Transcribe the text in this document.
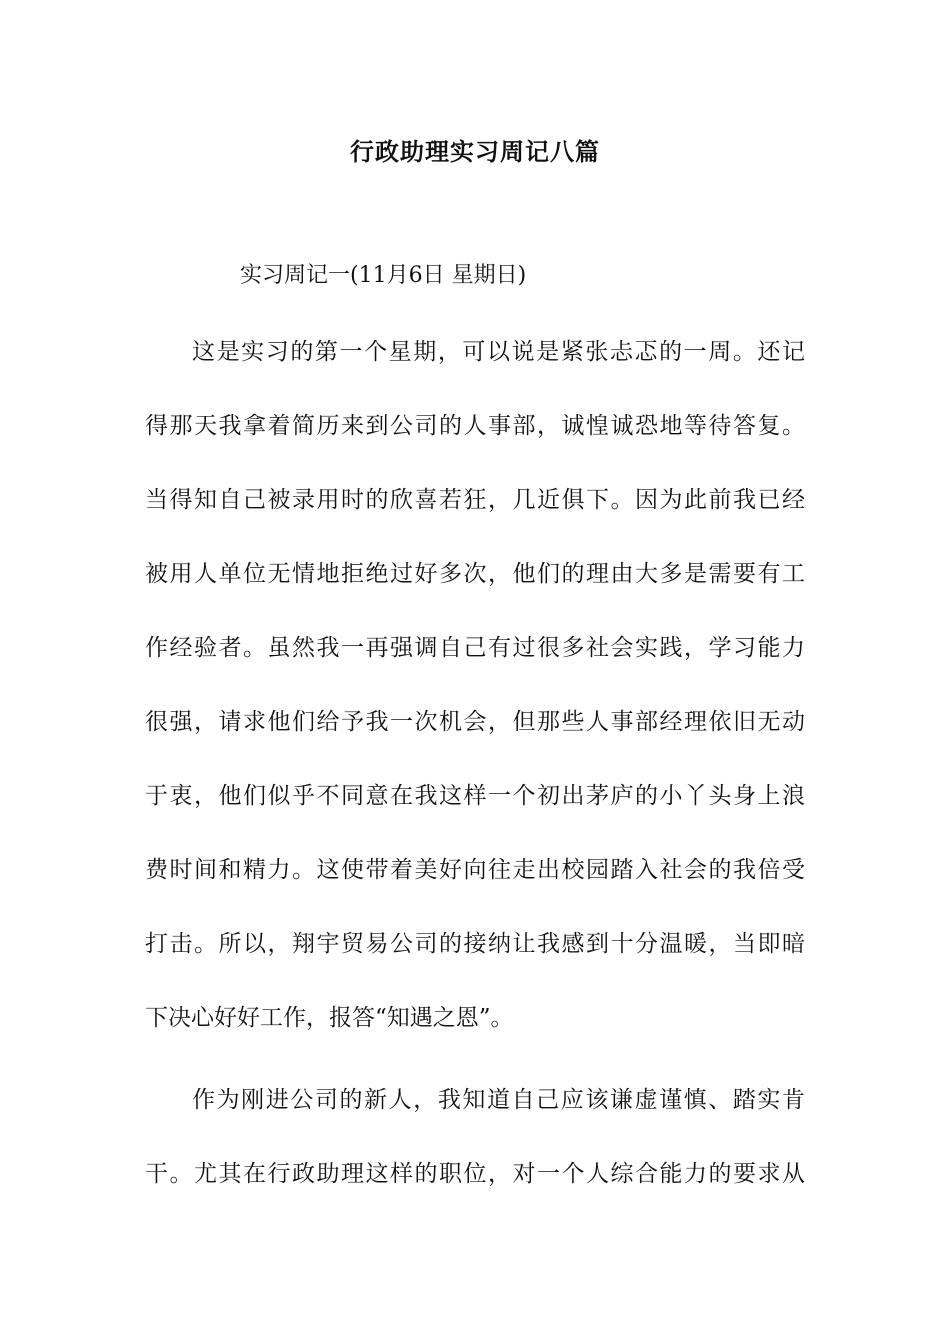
行政助理实习周记八篇
实习周记一(11月6日 星期日)
这是实习的第一个星期，可以说是紧张忐忑的一周。还记
得那天我拿着简历来到公司的人事部，诚惶诚恐地等待答复。
当得知自己被录用时的欣喜若狂，几近俱下。因为此前我已经
被用人单位无情地拒绝过好多次，他们的理由大多是需要有工
作经验者。虽然我一再强调自己有过很多社会实践，学习能力
很强，请求他们给予我一次机会，但那些人事部经理依旧无动
于衷，他们似乎不同意在我这样一个初出茅庐的小丫头身上浪
费时间和精力。这使带着美好向往走出校园踏入社会的我倍受
打击。所以，翔宇贸易公司的接纳让我感到十分温暖，当即暗
下决心好好工作，报答“知遇之恩”。
作为刚进公司的新人，我知道自己应该谦虚谨慎、踏实肯
干。尤其在行政助理这样的职位，对一个人综合能力的要求从
